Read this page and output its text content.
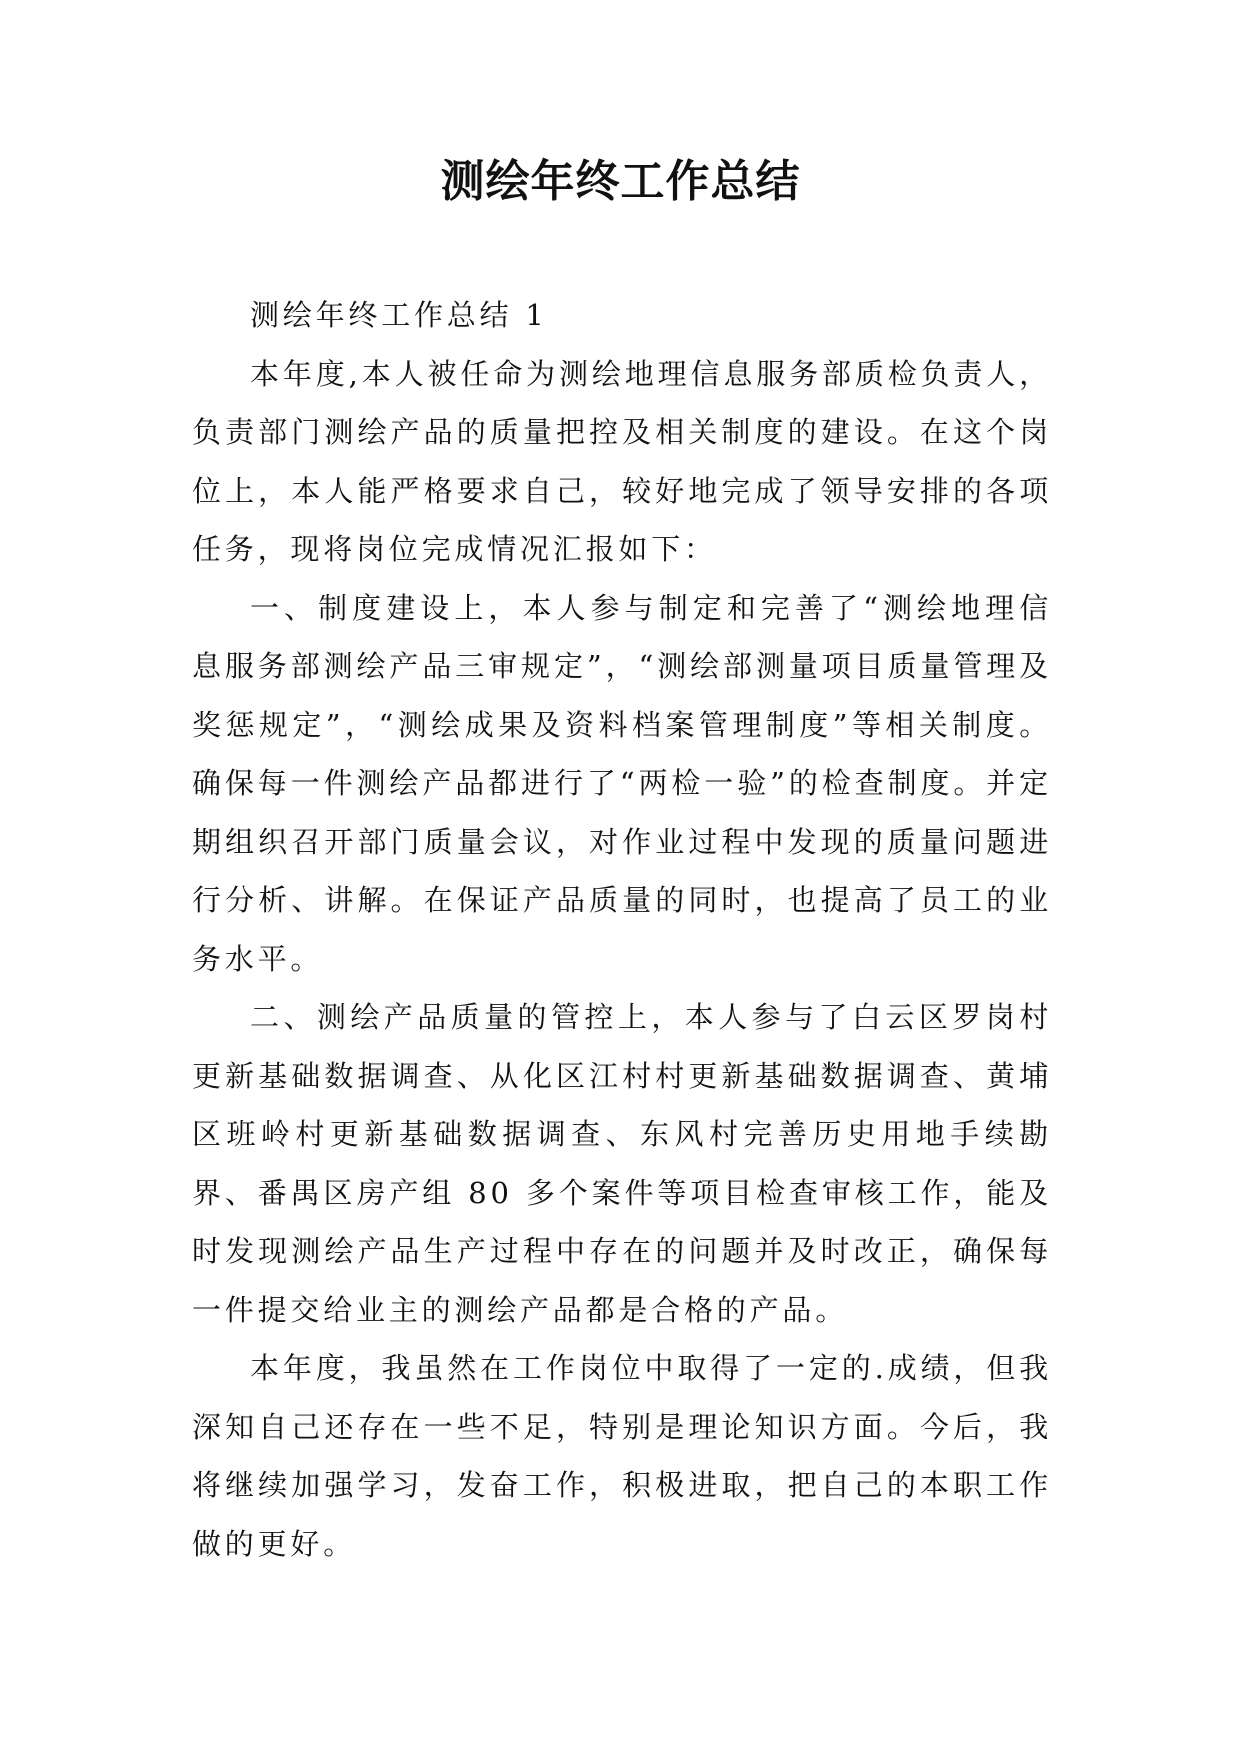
测绘年终工作总结

测绘年终工作总结 1

本年度,本人被任命为测绘地理信息服务部质检负责人，负责部门测绘产品的质量把控及相关制度的建设。在这个岗位上，本人能严格要求自己，较好地完成了领导安排的各项任务，现将岗位完成情况汇报如下：

一、制度建设上，本人参与制定和完善了“测绘地理信息服务部测绘产品三审规定”，“测绘部测量项目质量管理及奖惩规定”，“测绘成果及资料档案管理制度”等相关制度。确保每一件测绘产品都进行了“两检一验”的检查制度。并定期组织召开部门质量会议，对作业过程中发现的质量问题进行分析、讲解。在保证产品质量的同时，也提高了员工的业务水平。

二、测绘产品质量的管控上，本人参与了白云区罗岗村更新基础数据调查、从化区江村村更新基础数据调查、黄埔区班岭村更新基础数据调查、东风村完善历史用地手续勘界、番禺区房产组 80 多个案件等项目检查审核工作，能及时发现测绘产品生产过程中存在的问题并及时改正，确保每一件提交给业主的测绘产品都是合格的产品。

本年度，我虽然在工作岗位中取得了一定的.成绩，但我深知自己还存在一些不足，特别是理论知识方面。今后，我将继续加强学习，发奋工作，积极进取，把自己的本职工作做的更好。
